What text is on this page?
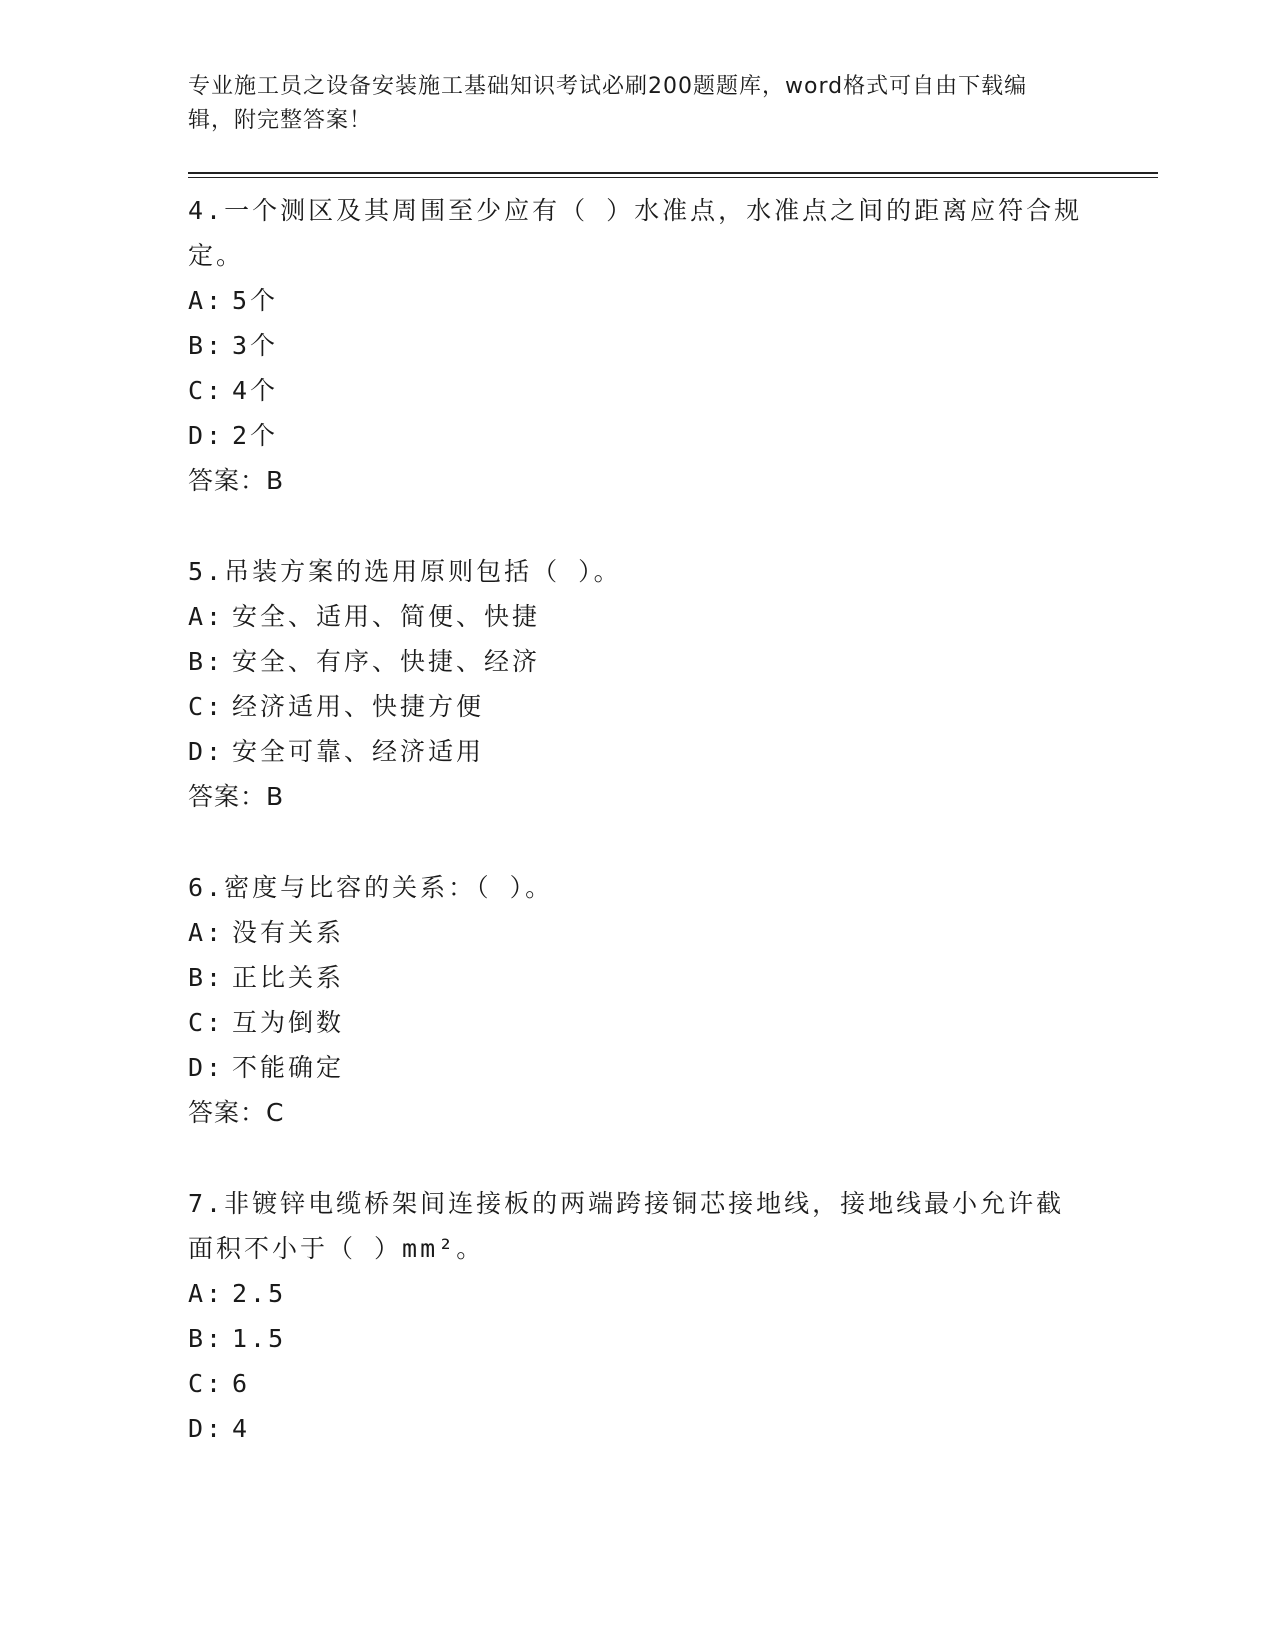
专业施工员之设备安装施工基础知识考试必刷200题题库，word格式可自由下载编辑，附完整答案！

4.一个测区及其周围至少应有（ ）水准点，水准点之间的距离应符合规定。

A: 5个

B: 3个

C: 4个

D: 2个

答案：B

5.吊装方案的选用原则包括（ ）。

A: 安全、适用、简便、快捷

B: 安全、有序、快捷、经济

C: 经济适用、快捷方便

D: 安全可靠、经济适用

答案：B

6.密度与比容的关系：（ ）。

A: 没有关系

B: 正比关系

C: 互为倒数

D: 不能确定

答案：C

7.非镀锌电缆桥架间连接板的两端跨接铜芯接地线，接地线最小允许截面积不小于（ ）mm²。

A: 2.5

B: 1.5

C: 6

D: 4
